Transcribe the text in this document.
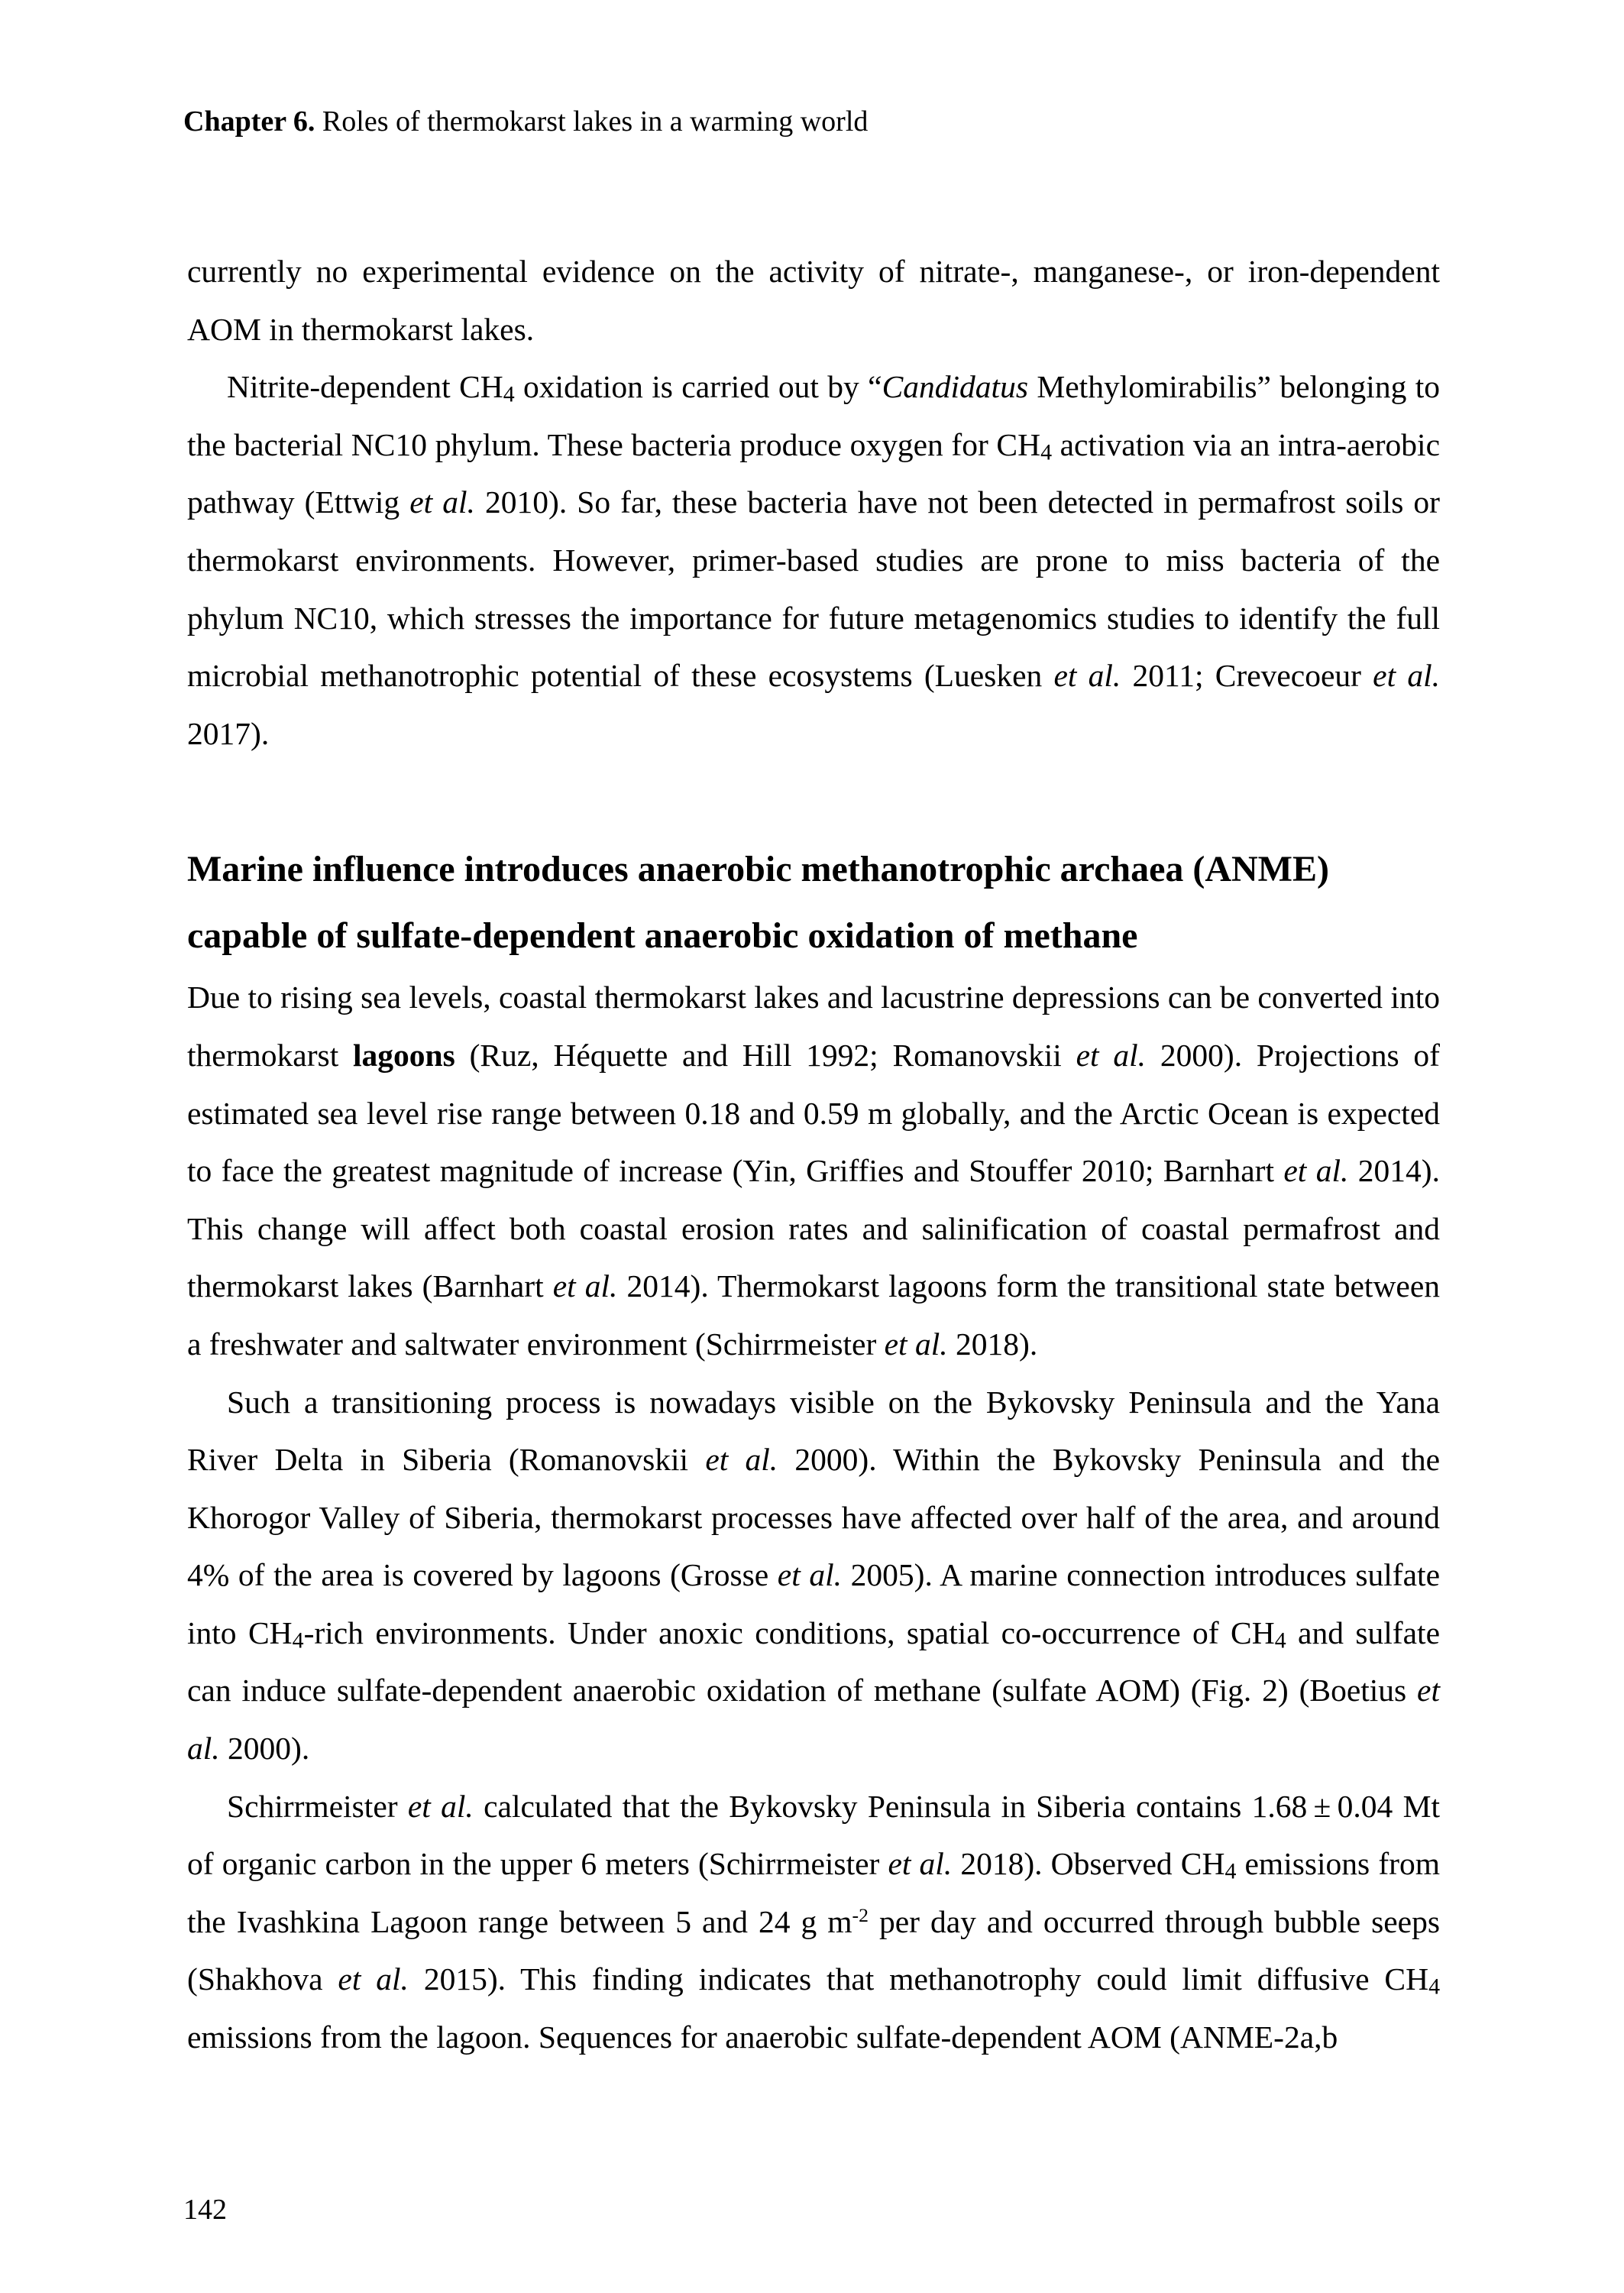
Chapter 6. Roles of thermokarst lakes in a warming world

currently no experimental evidence on the activity of nitrate-, manganese-, or iron-dependent AOM in thermokarst lakes.

Nitrite-dependent $CH_4$ oxidation is carried out by “Candidatus Methylomirabilis” belonging to the bacterial NC10 phylum. These bacteria produce oxygen for $CH_4$ activation via an intra-aerobic pathway (Ettwig et al. 2010). So far, these bacteria have not been detected in permafrost soils or thermokarst environments. However, primer-based studies are prone to miss bacteria of the phylum NC10, which stresses the importance for future metagenomics studies to identify the full microbial methanotrophic potential of these ecosystems (Luesken et al. 2011; Crevecoeur et al. 2017).

Marine influence introduces anaerobic methanotrophic archaea (ANME)
capable of sulfate-dependent anaerobic oxidation of methane

Due to rising sea levels, coastal thermokarst lakes and lacustrine depressions can be converted into thermokarst lagoons (Ruz, Héquette and Hill 1992; Romanovskii et al. 2000). Projections of estimated sea level rise range between 0.18 and 0.59 m globally, and the Arctic Ocean is expected to face the greatest magnitude of increase (Yin, Griffies and Stouffer 2010; Barnhart et al. 2014). This change will affect both coastal erosion rates and salinification of coastal permafrost and thermokarst lakes (Barnhart et al. 2014). Thermokarst lagoons form the transitional state between a freshwater and saltwater environment (Schirrmeister et al. 2018).

Such a transitioning process is nowadays visible on the Bykovsky Peninsula and the Yana River Delta in Siberia (Romanovskii et al. 2000). Within the Bykovsky Peninsula and the Khorogor Valley of Siberia, thermokarst processes have affected over half of the area, and around 4% of the area is covered by lagoons (Grosse et al. 2005). A marine connection introduces sulfate into $CH_4$-rich environments. Under anoxic conditions, spatial co-occurrence of $CH_4$ and sulfate can induce sulfate-dependent anaerobic oxidation of methane (sulfate AOM) (Fig. 2) (Boetius et al. 2000).

Schirrmeister et al. calculated that the Bykovsky Peninsula in Siberia contains 1.68 ± 0.04 Mt of organic carbon in the upper 6 meters (Schirrmeister et al. 2018). Observed $CH_4$ emissions from the Ivashkina Lagoon range between 5 and 24 g $m^{-2}$ per day and occurred through bubble seeps (Shakhova et al. 2015). This finding indicates that methanotrophy could limit diffusive $CH_4$ emissions from the lagoon. Sequences for anaerobic sulfate-dependent AOM (ANME-2a,b

142
